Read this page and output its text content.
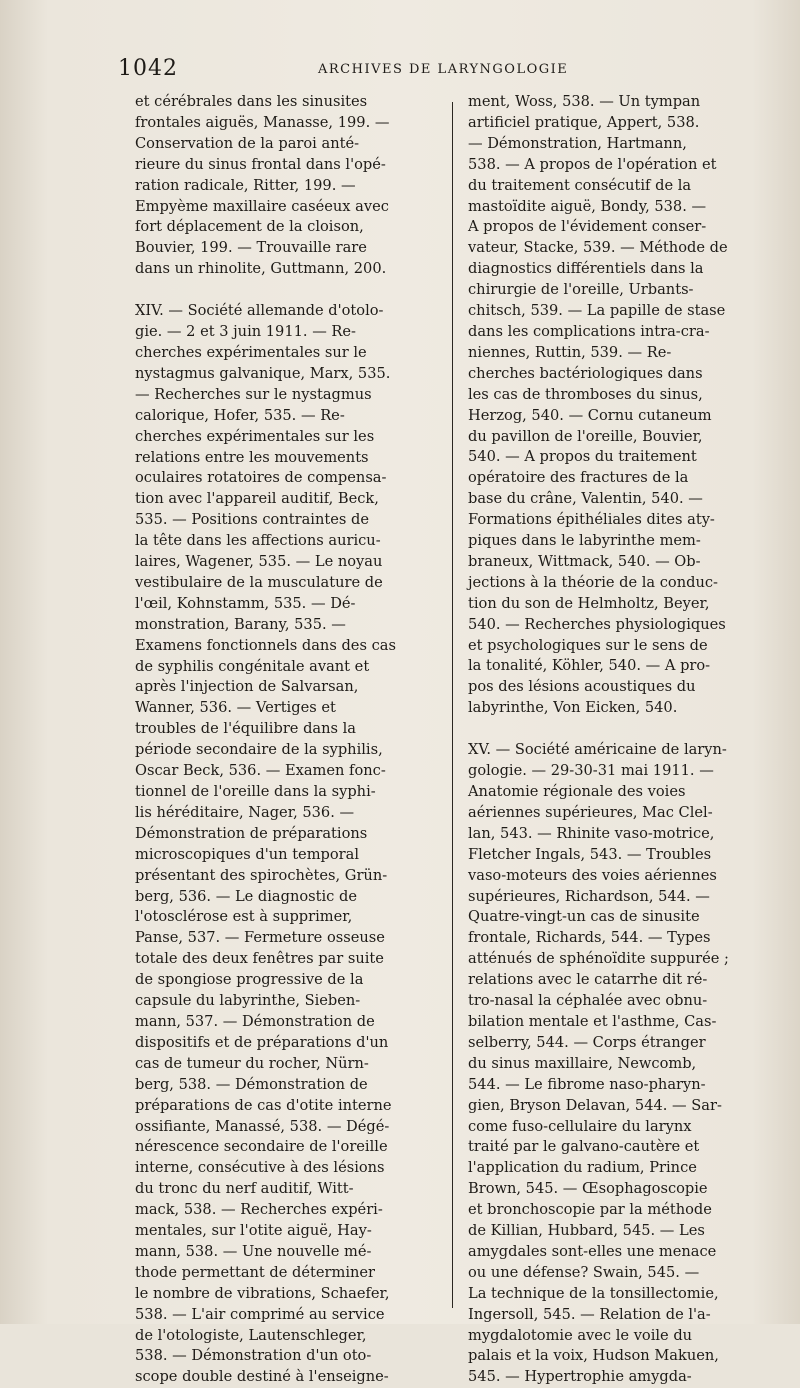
1042	ARCHIVES DE LARYNGOLOGIE
et cérébrales dans les sinusites
frontales aiguës, Manasse, 199. —
Conservation de la paroi anté-
rieure du sinus frontal dans l'opé-
ration radicale, Ritter, 199. —
Empyème maxillaire caséeux avec
fort déplacement de la cloison,
Bouvier, 199. — Trouvaille rare
dans un rhinolite, Guttmann, 200.
XIV. — Société allemande d'otolo-
gie. — 2 et 3 juin 1911. — Re-
cherches expérimentales sur le
nystagmus galvanique, Marx, 535.
— Recherches sur le nystagmus
calorique, Hofer, 535. — Re-
cherches expérimentales sur les
relations entre les mouvements
oculaires rotatoires de compensa-
tion avec l'appareil auditif, Beck,
535. — Positions contraintes de
la tête dans les affections auricu-
laires, Wagener, 535. — Le noyau
vestibulaire de la musculature de
l'œil, Kohnstamm, 535. — Dé-
monstration, Barany, 535. —
Examens fonctionnels dans des cas
de syphilis congénitale avant et
après l'injection de Salvarsan,
Wanner, 536. — Vertiges et
troubles de l'équilibre dans la
période secondaire de la syphilis,
Oscar Beck, 536. — Examen fonc-
tionnel de l'oreille dans la syphi-
lis héréditaire, Nager, 536. —
Démonstration de préparations
microscopiques d'un temporal
présentant des spirochètes, Grün-
berg, 536. — Le diagnostic de
l'otosclérose est à supprimer,
Panse, 537. — Fermeture osseuse
totale des deux fenêtres par suite
de spongiose progressive de la
capsule du labyrinthe, Sieben-
mann, 537. — Démonstration de
dispositifs et de préparations d'un
cas de tumeur du rocher, Nürn-
berg, 538. — Démonstration de
préparations de cas d'otite interne
ossifiante, Manassé, 538. — Dégé-
nérescence secondaire de l'oreille
interne, consécutive à des lésions
du tronc du nerf auditif, Witt-
mack, 538. — Recherches expéri-
mentales, sur l'otite aiguë, Hay-
mann, 538. — Une nouvelle mé-
thode permettant de déterminer
le nombre de vibrations, Schaefer,
538. — L'air comprimé au service
de l'otologiste, Lautenschleger,
538. — Démonstration d'un oto-
scope double destiné à l'enseigne-
ment, Woss, 538. — Un tympan
artificiel pratique, Appert, 538.
— Démonstration, Hartmann,
538. — A propos de l'opération et
du traitement consécutif de la
mastoïdite aiguë, Bondy, 538. —
A propos de l'évidement conser-
vateur, Stacke, 539. — Méthode de
diagnostics différentiels dans la
chirurgie de l'oreille, Urbants-
chitsch, 539. — La papille de stase
dans les complications intra-cra-
niennes, Ruttin, 539. — Re-
cherches bactériologiques dans
les cas de thromboses du sinus,
Herzog, 540. — Cornu cutaneum
du pavillon de l'oreille, Bouvier,
540. — A propos du traitement
opératoire des fractures de la
base du crâne, Valentin, 540. —
Formations épithéliales dites aty-
piques dans le labyrinthe mem-
braneux, Wittmack, 540. — Ob-
jections à la théorie de la conduc-
tion du son de Helmholtz, Beyer,
540. — Recherches physiologiques
et psychologiques sur le sens de
la tonalité, Köhler, 540. — A pro-
pos des lésions acoustiques du
labyrinthe, Von Eicken, 540.
XV. — Société américaine de laryn-
gologie. — 29-30-31 mai 1911. —
Anatomie régionale des voies
aériennes supérieures, Mac Clel-
lan, 543. — Rhinite vaso-motrice,
Fletcher Ingals, 543. — Troubles
vaso-moteurs des voies aériennes
supérieures, Richardson, 544. —
Quatre-vingt-un cas de sinusite
frontale, Richards, 544. — Types
atténués de sphénoïdite suppurée ;
relations avec le catarrhe dit ré-
tro-nasal la céphalée avec obnu-
bilation mentale et l'asthme, Cas-
selberry, 544. — Corps étranger
du sinus maxillaire, Newcomb,
544. — Le fibrome naso-pharyn-
gien, Bryson Delavan, 544. — Sar-
come fuso-cellulaire du larynx
traité par le galvano-cautère et
l'application du radium, Prince
Brown, 545. — Œsophagoscopie
et bronchoscopie par la méthode
de Killian, Hubbard, 545. — Les
amygdales sont-elles une menace
ou une défense? Swain, 545. —
La technique de la tonsillectomie,
Ingersoll, 545. — Relation de l'a-
mygdalotomie avec le voile du
palais et la voix, Hudson Makuen,
545. — Hypertrophie amygda-
